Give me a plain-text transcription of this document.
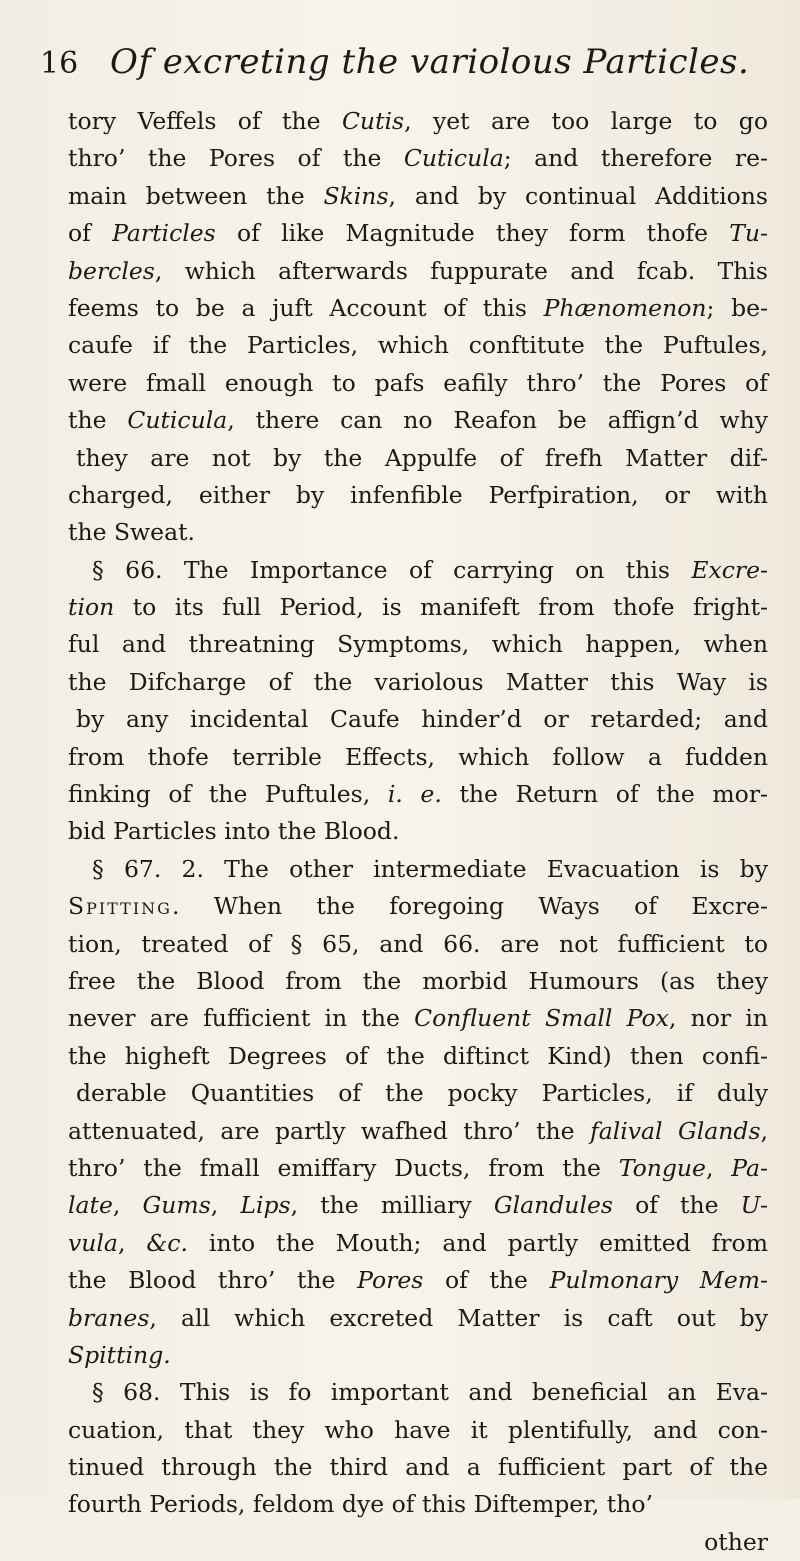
16 Of excreting the variolous Particles.
tory Veffels of the Cutis, yet are too large to go
thro’ the Pores of the Cuticula; and therefore re-
main between the Skins, and by continual Additions
of Particles of like Magnitude they form thofe Tu-
bercles, which afterwards fuppurate and fcab. This
feems to be a juft Account of this Phænomenon; be-
caufe if the Particles, which conftitute the Puftules,
were fmall enough to pafs eafily thro’ the Pores of
the Cuticula, there can no Reafon be affign’d why
they are not by the Appulfe of frefh Matter dif-
charged, either by infenfible Perfpiration, or with
the Sweat.
§ 66. The Importance of carrying on this Excre-
tion to its full Period, is manifeft from thofe fright-
ful and threatning Symptoms, which happen, when
the Difcharge of the variolous Matter this Way is
by any incidental Caufe hinder’d or retarded; and
from thofe terrible Effects, which follow a fudden
finking of the Puftules, i. e. the Return of the mor-
bid Particles into the Blood.
§ 67. 2. The other intermediate Evacuation is by
Spitting. When the foregoing Ways of Excre-
tion, treated of § 65, and 66. are not fufficient to
free the Blood from the morbid Humours (as they
never are fufficient in the Confluent Small Pox, nor in
the higheft Degrees of the diftinct Kind) then confi-
derable Quantities of the pocky Particles, if duly
attenuated, are partly wafhed thro’ the falival Glands,
thro’ the fmall emiffary Ducts, from the Tongue, Pa-
late, Gums, Lips, the milliary Glandules of the U-
vula, &c. into the Mouth; and partly emitted from
the Blood thro’ the Pores of the Pulmonary Mem-
branes, all which excreted Matter is caft out by
Spitting.
§ 68. This is fo important and beneficial an Eva-
cuation, that they who have it plentifully, and con-
tinued through the third and a fufficient part of the
fourth Periods, feldom dye of this Diftemper, tho’
other
